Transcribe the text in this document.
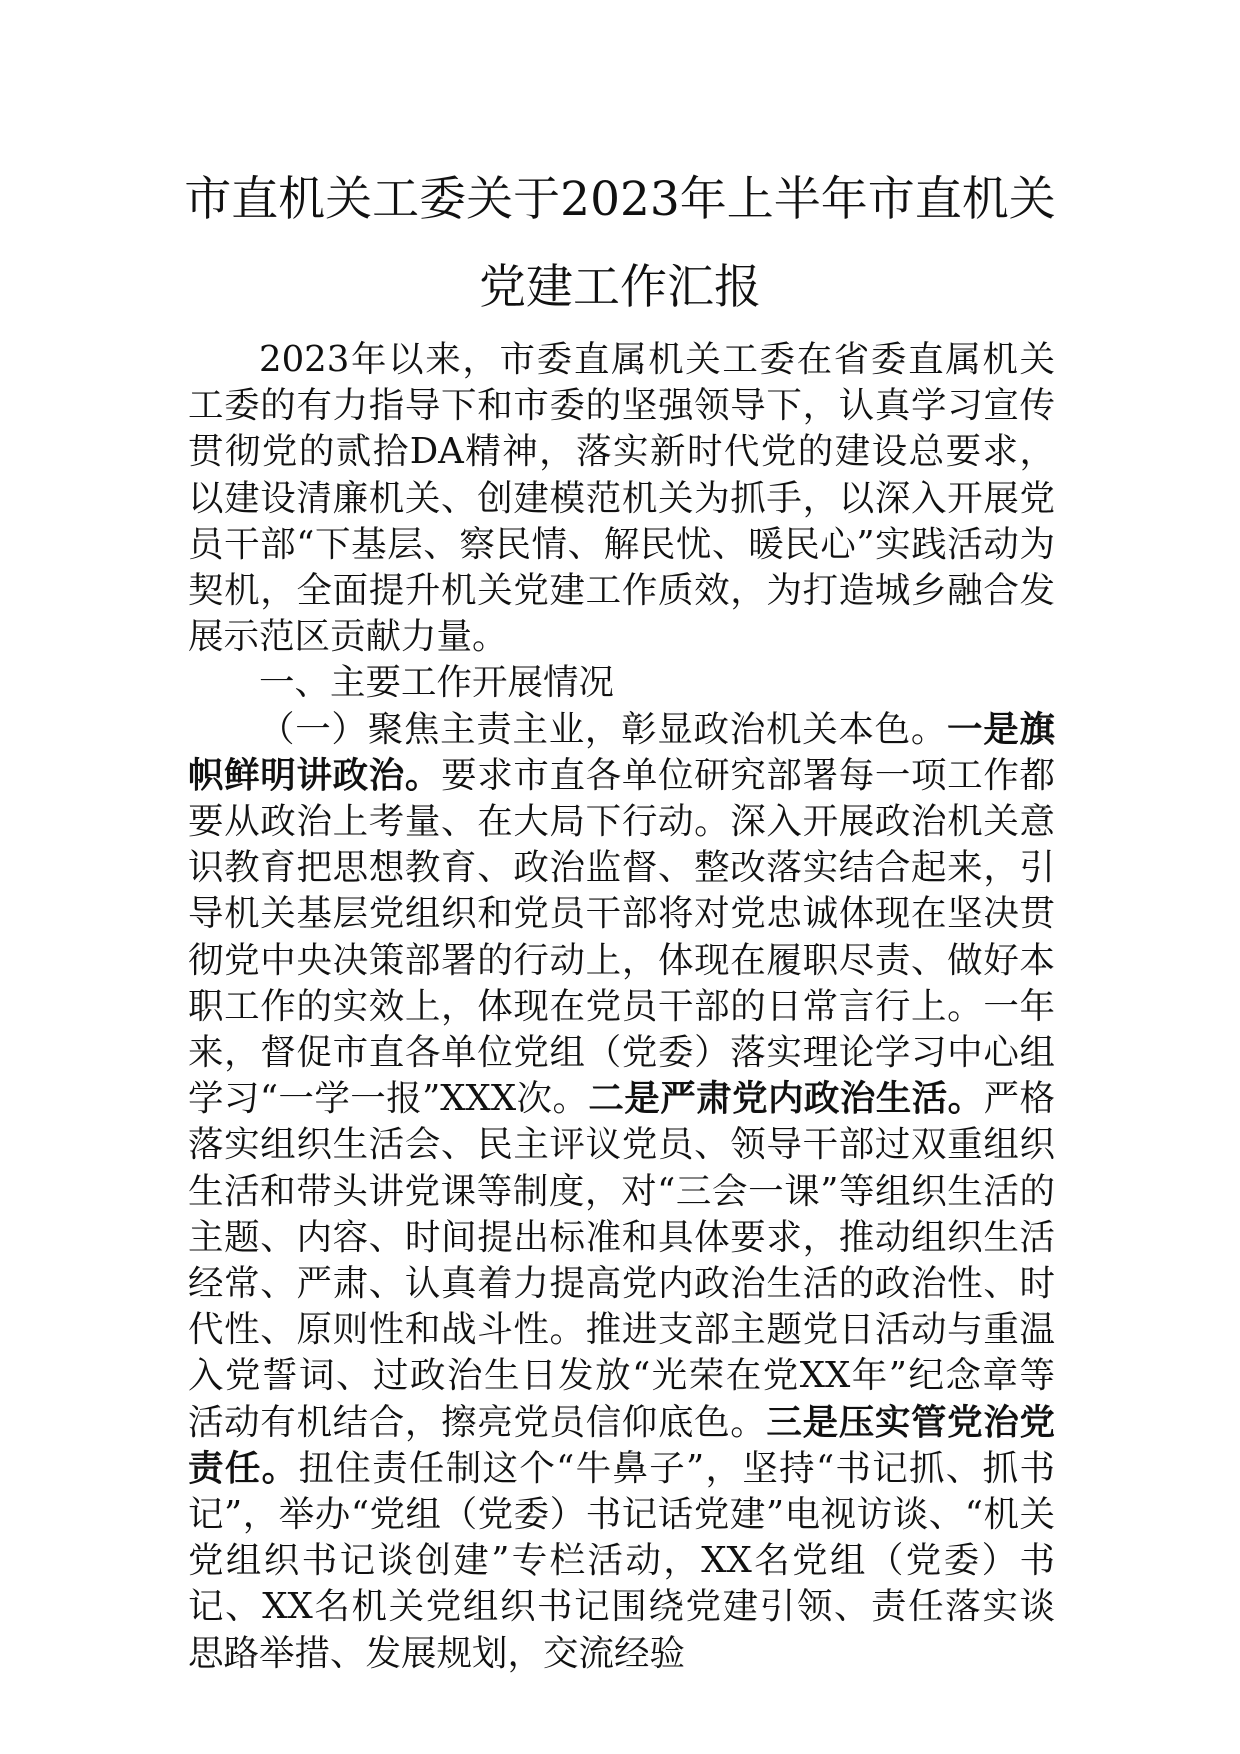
市直机关工委关于2023年上半年市直机关
党建工作汇报

2023年以来，市委直属机关工委在省委直属机关工委的有力指导下和市委的坚强领导下，认真学习宣传贯彻党的贰拾DA精神，落实新时代党的建设总要求，以建设清廉机关、创建模范机关为抓手，以深入开展党员干部“下基层、察民情、解民忧、暖民心”实践活动为契机，全面提升机关党建工作质效，为打造城乡融合发展示范区贡献力量。

一、主要工作开展情况

（一）聚焦主责主业，彰显政治机关本色。一是旗帜鲜明讲政治。要求市直各单位研究部署每一项工作都要从政治上考量、在大局下行动。深入开展政治机关意识教育把思想教育、政治监督、整改落实结合起来，引导机关基层党组织和党员干部将对党忠诚体现在坚决贯彻党中央决策部署的行动上，体现在履职尽责、做好本职工作的实效上，体现在党员干部的日常言行上。一年来，督促市直各单位党组（党委）落实理论学习中心组学习“一学一报”XXX次。二是严肃党内政治生活。严格落实组织生活会、民主评议党员、领导干部过双重组织生活和带头讲党课等制度，对“三会一课”等组织生活的主题、内容、时间提出标准和具体要求，推动组织生活经常、严肃、认真着力提高党内政治生活的政治性、时代性、原则性和战斗性。推进支部主题党日活动与重温入党誓词、过政治生日发放“光荣在党XX年”纪念章等活动有机结合，擦亮党员信仰底色。三是压实管党治党责任。扭住责任制这个“牛鼻子”，坚持“书记抓、抓书记”，举办“党组（党委）书记话党建”电视访谈、“机关党组织书记谈创建”专栏活动，XX名党组（党委）书记、XX名机关党组织书记围绕党建引领、责任落实谈思路举措、发展规划，交流经验
